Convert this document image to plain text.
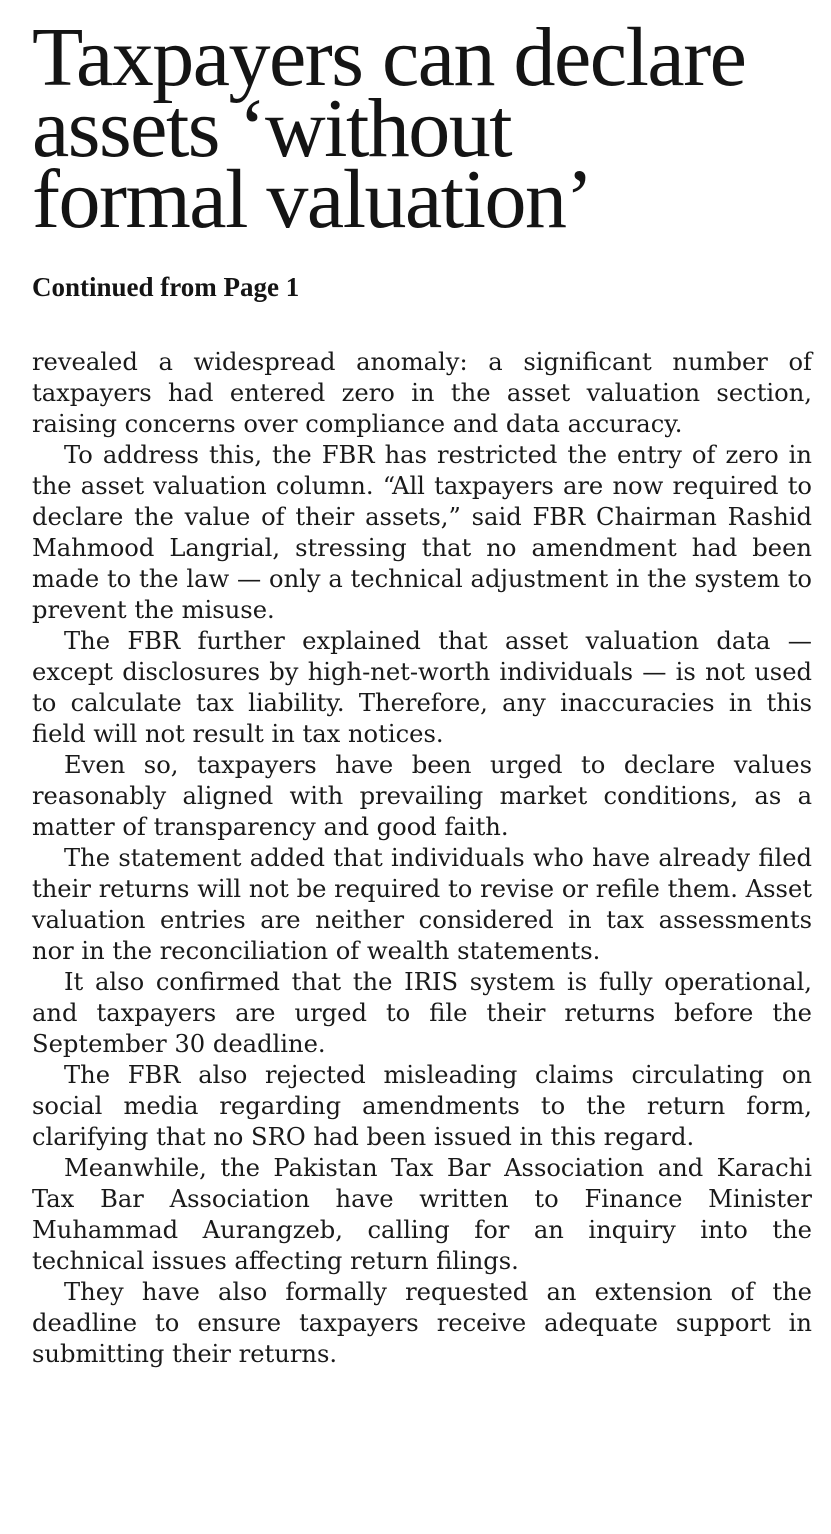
Taxpayers can declare
assets ‘without
formal valuation’
Continued from Page 1

revealed a widespread anomaly: a significant number of taxpayers had entered zero in the asset valuation section, raising concerns over compliance and data accuracy.

To address this, the FBR has restricted the entry of zero in the asset valuation column. “All taxpayers are now required to declare the value of their assets,” said FBR Chairman Rashid Mahmood Langrial, stressing that no amendment had been made to the law — only a technical adjustment in the system to prevent the misuse.

The FBR further explained that asset valuation data — except disclosures by high-net-worth individuals — is not used to calculate tax liability. Therefore, any inaccuracies in this field will not result in tax notices.

Even so, taxpayers have been urged to declare values reasonably aligned with prevailing market conditions, as a matter of transparency and good faith.

The statement added that individuals who have already filed their returns will not be required to revise or refile them. Asset valuation entries are neither considered in tax assessments nor in the reconciliation of wealth statements.

It also confirmed that the IRIS system is fully operational, and taxpayers are urged to file their returns before the September 30 deadline.

The FBR also rejected misleading claims circulating on social media regarding amendments to the return form, clarifying that no SRO had been issued in this regard.

Meanwhile, the Pakistan Tax Bar Association and Karachi Tax Bar Association have written to Finance Minister Muhammad Aurangzeb, calling for an inquiry into the technical issues affecting return filings.

They have also formally requested an extension of the deadline to ensure taxpayers receive adequate support in submitting their returns.
